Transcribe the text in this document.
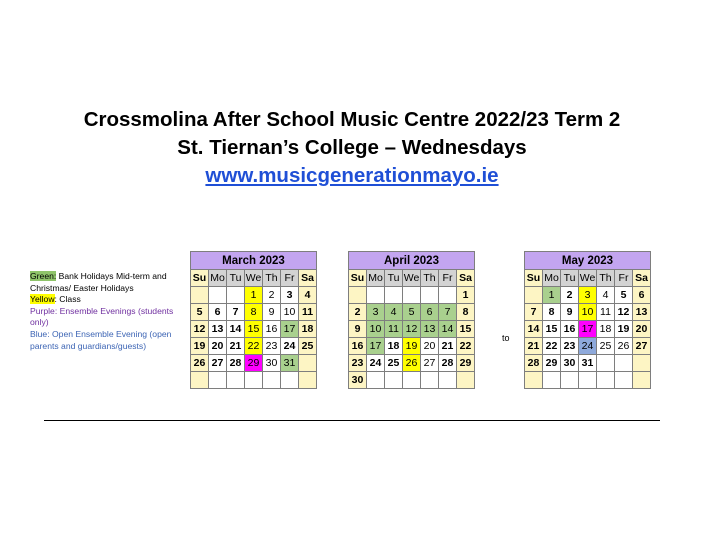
Crossmolina After School Music Centre 2022/23 Term 2
St. Tiernan’s College – Wednesdays
www.musicgenerationmayo.ie
Green: Bank Holidays Mid-term and Christmas/ Easter Holidays
Yellow: Class
Purple: Ensemble Evenings (students only)
Blue: Open Ensemble Evening (open parents and guardians/guests)
March 2023						
Su	Mo	Tu	We	Th	Fr	Sa
			1	2	3	4
5	6	7	8	9	10	11
12	13	14	15	16	17	18
19	20	21	22	23	24	25
26	27	28	29	30	31	

April 2023						
Su	Mo	Tu	We	Th	Fr	Sa
						1
2	3	4	5	6	7	8
9	10	11	12	13	14	15
16	17	18	19	20	21	22
23	24	25	26	27	28	29
30						
May 2023						
Su	Mo	Tu	We	Th	Fr	Sa
	1	2	3	4	5	6
7	8	9	10	11	12	13
14	15	16	17	18	19	20
21	22	23	24	25	26	27
28	29	30	31			

to
